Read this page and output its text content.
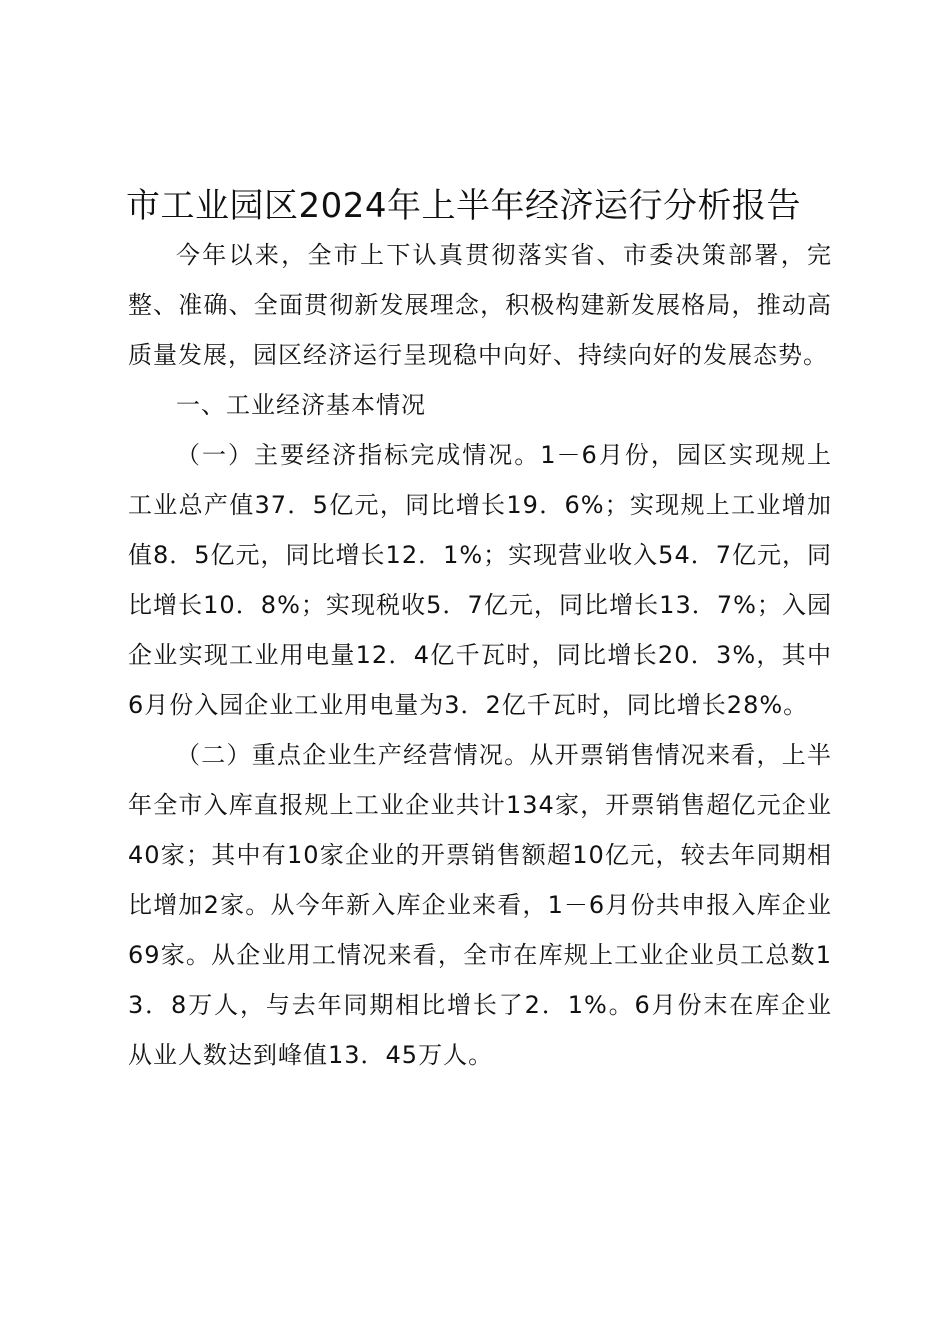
市工业园区2024年上半年经济运行分析报告

今年以来，全市上下认真贯彻落实省、市委决策部署，完整、准确、全面贯彻新发展理念，积极构建新发展格局，推动高质量发展，园区经济运行呈现稳中向好、持续向好的发展态势。

一、工业经济基本情况

（一）主要经济指标完成情况。1－6月份，园区实现规上工业总产值37．5亿元，同比增长19．6%；实现规上工业增加值8．5亿元，同比增长12．1%；实现营业收入54．7亿元，同比增长10．8%；实现税收5．7亿元，同比增长13．7%；入园企业实现工业用电量12．4亿千瓦时，同比增长20．3%，其中6月份入园企业工业用电量为3．2亿千瓦时，同比增长28%。

（二）重点企业生产经营情况。从开票销售情况来看，上半年全市入库直报规上工业企业共计134家，开票销售超亿元企业40家；其中有10家企业的开票销售额超10亿元，较去年同期相比增加2家。从今年新入库企业来看，1－6月份共申报入库企业69家。从企业用工情况来看，全市在库规上工业企业员工总数13．8万人，与去年同期相比增长了2．1%。6月份末在库企业从业人数达到峰值13．45万人。
